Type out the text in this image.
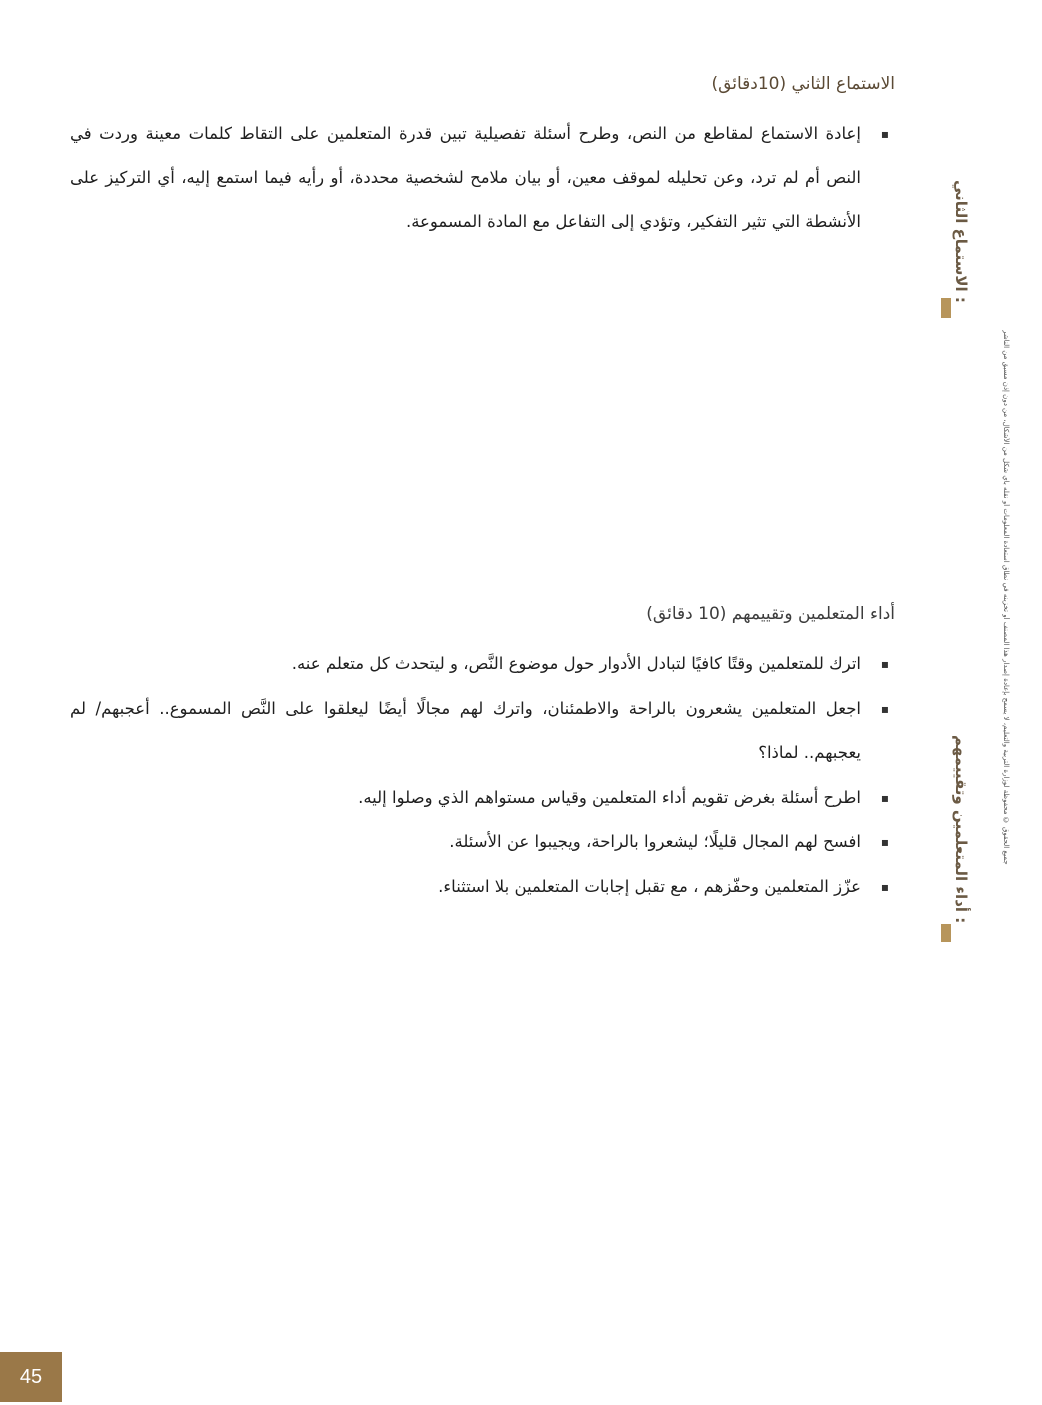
الاستماع الثاني (10دقائق)
▪
إعادة الاستماع لمقاطع من النص، وطرح أسئلة تفصيلية تبين قدرة المتعلمين على التقاط كلمات معينة وردت في النص أم لم ترد، وعن تحليله لموقف معين، أو بيان ملامح لشخصية محددة، أو رأيه فيما استمع إليه، أي التركيز على الأنشطة التي تثير التفكير، وتؤدي إلى التفاعل مع المادة المسموعة.
أداء المتعلمين وتقييمهم (10 دقائق)
▪
اترك للمتعلمين وقتًا كافيًا لتبادل الأدوار حول موضوع النَّص، و ليتحدث كل متعلم عنه.
▪
اجعل المتعلمين يشعرون بالراحة والاطمئنان، واترك لهم مجالًا أيضًا ليعلقوا على النَّص المسموع.. أعجبهم/ لم يعجبهم.. لماذا؟
▪
اطرح أسئلة بغرض تقويم أداء المتعلمين وقياس مستواهم الذي وصلوا إليه.
▪
افسح لهم المجال قليلًا؛ ليشعروا بالراحة، ويجيبوا عن الأسئلة.
▪
عزّز المتعلمين وحفّزهم ، مع تقبل إجابات المتعلمين بلا استثناء.
الاستماع الثاني :
أداء المتعلمين وتقييمهم :
جميع الحقوق © محفوظة لوزارة التربية والتعليم، لا يسمح بإعادة إصدار هذا المصنف أو تخزينه في نطاق استعادة المعلومات أو نقله بأي شكل من الأشكال، من دون إذن مسبق من الناشر
45
